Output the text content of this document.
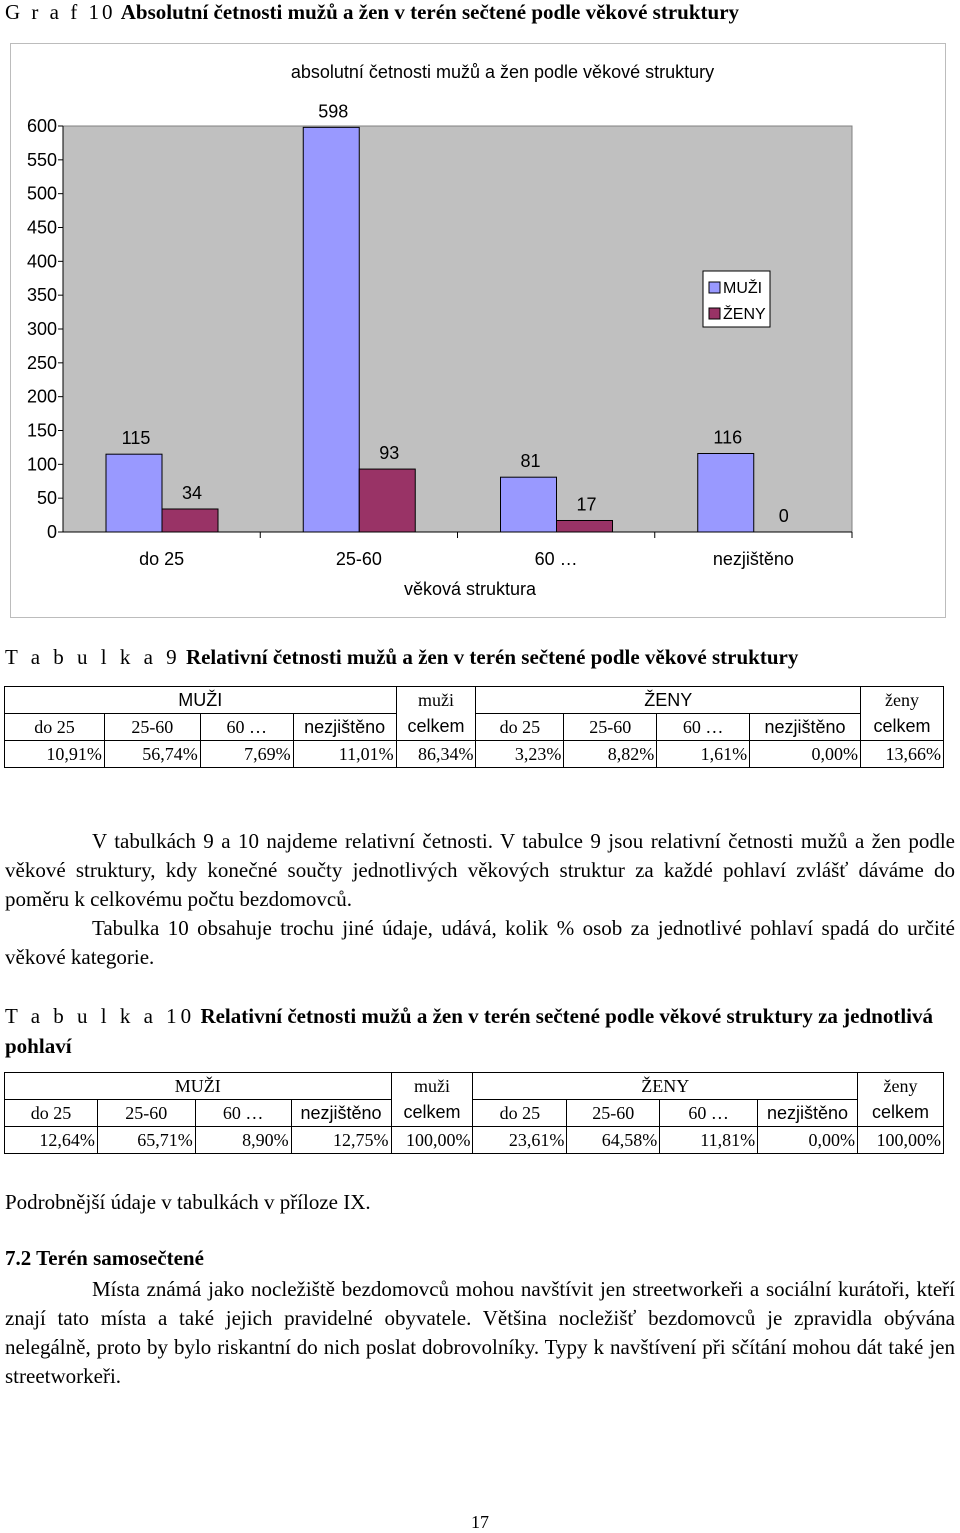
G r a f 10 Absolutní četnosti mužů a žen v terén sečtené podle věkové struktury
0
50
100
150
200
250
300
350
400
450
500
550
600
absolutní četnosti mužů a žen podle věkové struktury
115
34
do 25
598
93
25-60
81
17
60 …
116
0
nezjištěno
věková struktura
MUŽI
ŽENY
T a b u l k a 9 Relativní četnosti mužů a žen v terén sečtené podle věkové struktury
MUŽI				muži	ŽENY				ženy
do 25	25-60	60 …	nezjištěno	celkem	do 25	25-60	60 …	nezjištěno	celkem
10,91%	56,74%	7,69%	11,01%	86,34%	3,23%	8,82%	1,61%	0,00%	13,66%

V tabulkách 9 a 10 najdeme relativní četnosti. V tabulce 9 jsou relativní četnosti mužů a žen podle věkové struktury, kdy konečné součty jednotlivých věkových struktur za každé pohlaví zvlášť dáváme do poměru k celkovému počtu bezdomovců.

Tabulka 10 obsahuje trochu jiné údaje, udává, kolik % osob za jednotlivé pohlaví spadá do určité věkové kategorie.

T a b u l k a 10 Relativní četnosti mužů a žen v terén sečtené podle věkové struktury za jednotlivá pohlaví
MUŽI				muži	ŽENY				ženy
do 25	25-60	60 …	nezjištěno	celkem	do 25	25-60	60 …	nezjištěno	celkem
12,64%	65,71%	8,90%	12,75%	100,00%	23,61%	64,58%	11,81%	0,00%	100,00%
Podrobnější údaje v tabulkách v příloze IX.
7.2 Terén samosečtené

Místa známá jako nocležiště bezdomovců mohou navštívit jen streetworkeři a sociální kurátoři, kteří znají tato místa a také jejich pravidelné obyvatele. Většina nocležišť bezdomovců je zpravidla obývána nelegálně, proto by bylo riskantní do nich poslat dobrovolníky. Typy k navštívení při sčítání mohou dát také jen streetworkeři.

17
